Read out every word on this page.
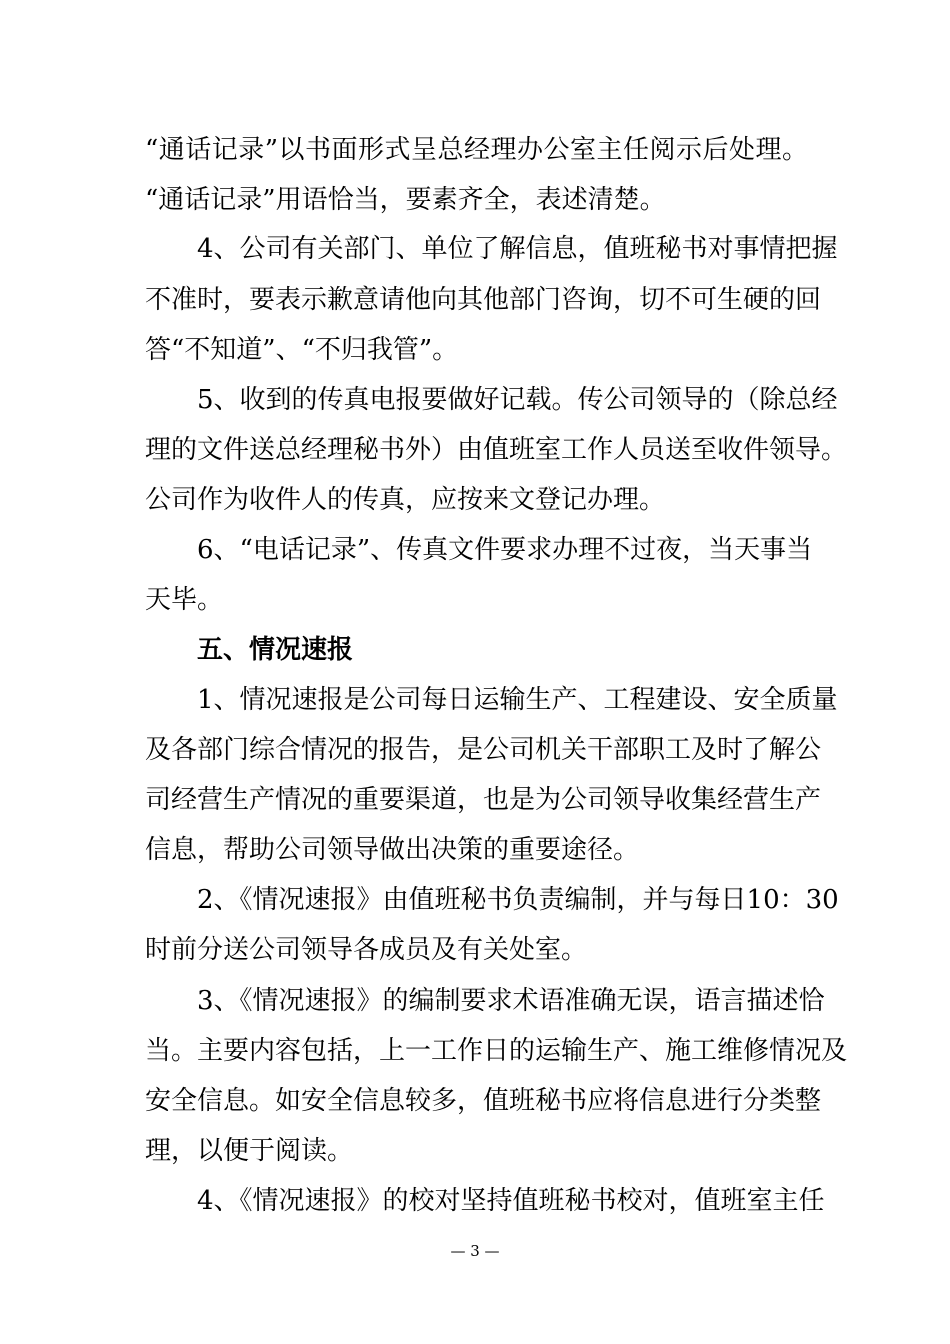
“通话记录”以书面形式呈总经理办公室主任阅示后处理。
“通话记录”用语恰当，要素齐全，表述清楚。
4、公司有关部门、单位了解信息，值班秘书对事情把握
不准时，要表示歉意请他向其他部门咨询，切不可生硬的回
答“不知道”、“不归我管”。
5、收到的传真电报要做好记载。传公司领导的（除总经
理的文件送总经理秘书外）由值班室工作人员送至收件领导。
公司作为收件人的传真，应按来文登记办理。
6、“电话记录”、传真文件要求办理不过夜，当天事当
天毕。
五、情况速报
1、情况速报是公司每日运输生产、工程建设、安全质量
及各部门综合情况的报告，是公司机关干部职工及时了解公
司经营生产情况的重要渠道，也是为公司领导收集经营生产
信息，帮助公司领导做出决策的重要途径。
2、《情况速报》由值班秘书负责编制，并与每日10：30
时前分送公司领导各成员及有关处室。
3、《情况速报》的编制要求术语准确无误，语言描述恰
当。主要内容包括，上一工作日的运输生产、施工维修情况及
安全信息。如安全信息较多，值班秘书应将信息进行分类整
理，以便于阅读。
4、《情况速报》的校对坚持值班秘书校对，值班室主任
— 3 —
